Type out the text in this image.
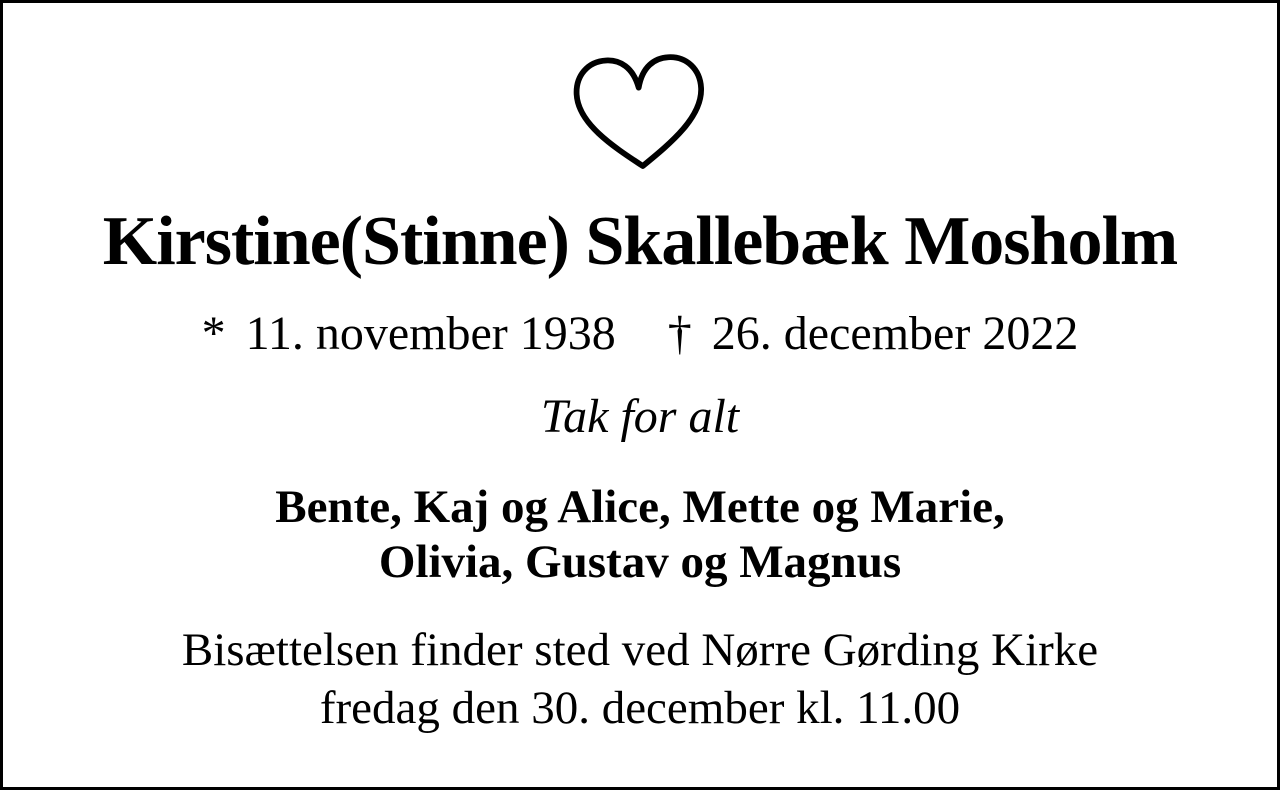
Kirstine(Stinne) Skallebæk Mosholm
* 11. november 1938 † 26. december 2022
Tak for alt
Bente, Kaj og Alice, Mette og Marie,
Olivia, Gustav og Magnus
Bisættelsen finder sted ved Nørre Gørding Kirke
fredag den 30. december kl. 11.00
